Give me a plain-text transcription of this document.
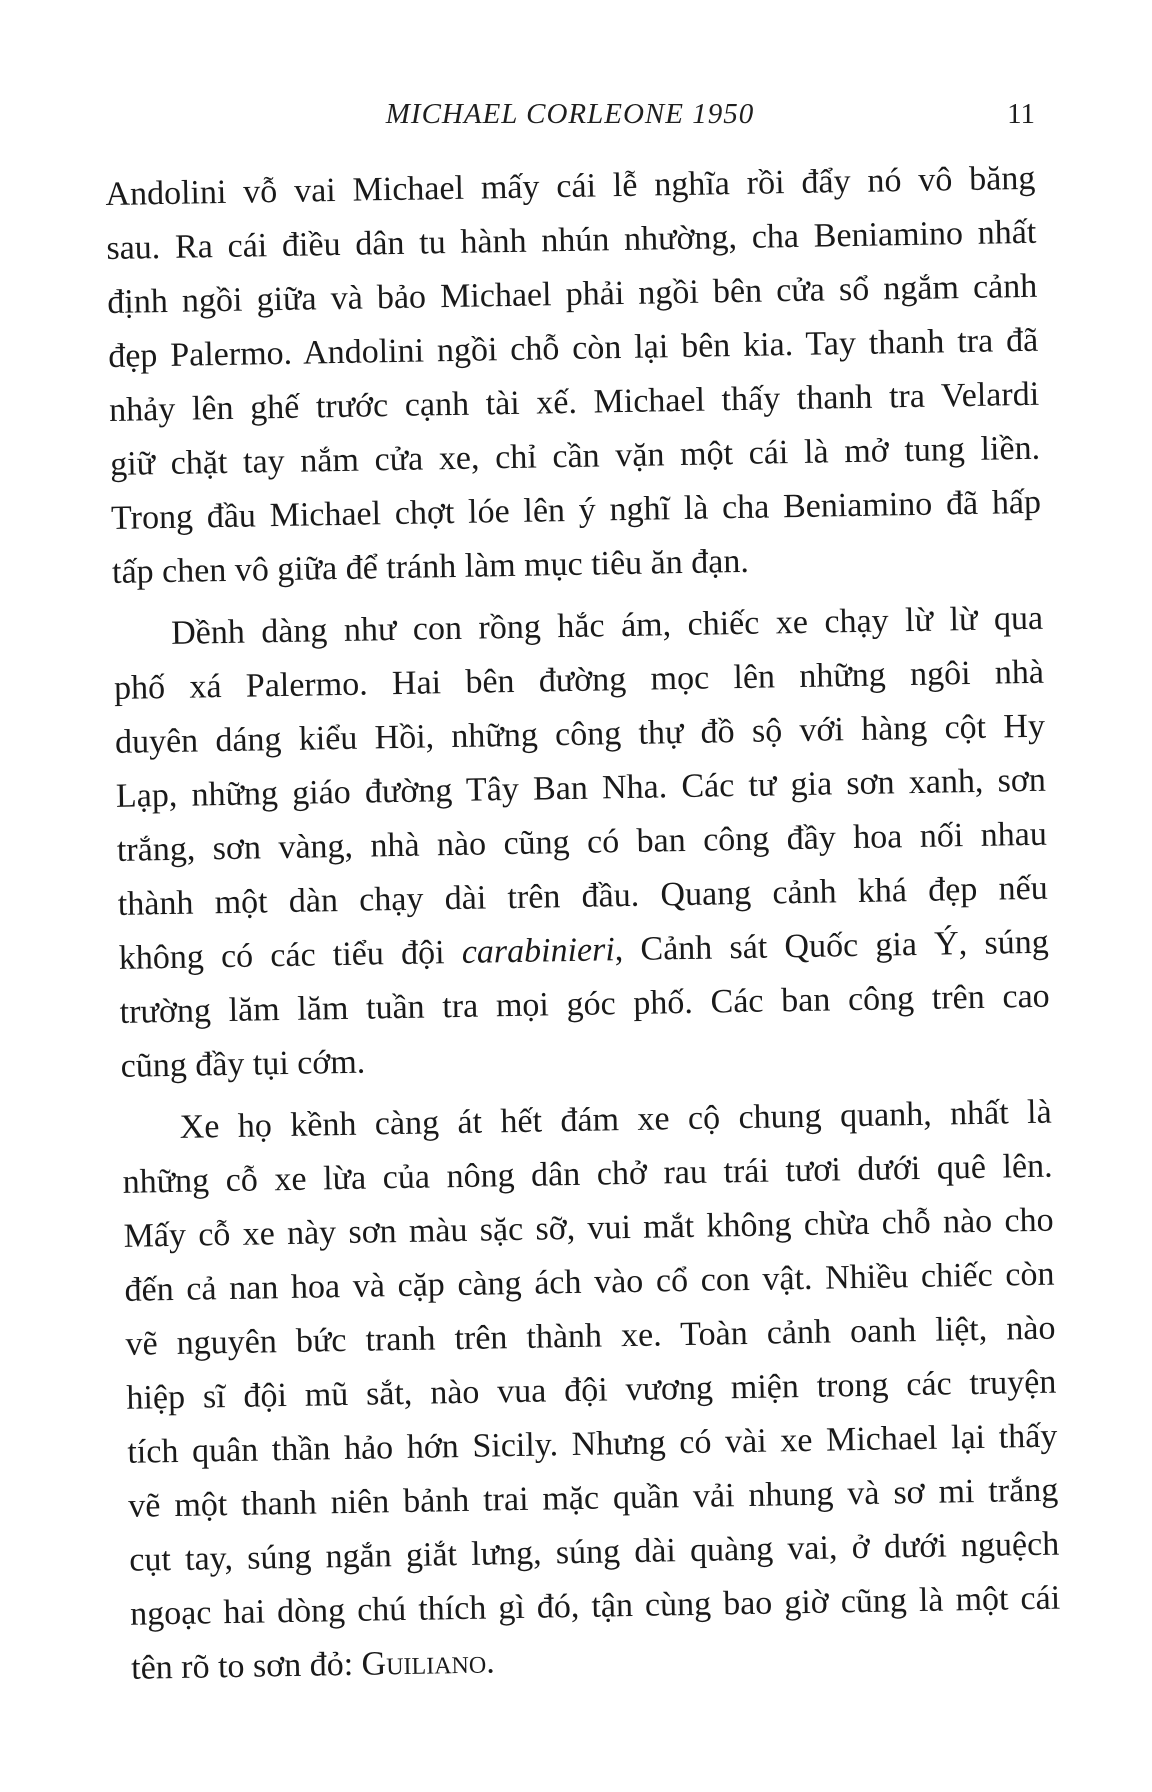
MICHAEL CORLEONE 1950	11
Andolini vỗ vai Michael mấy cái lễ nghĩa rồi đẩy nó vô băng
sau. Ra cái điều dân tu hành nhún nhường, cha Beniamino nhất
định ngồi giữa và bảo Michael phải ngồi bên cửa sổ ngắm cảnh
đẹp Palermo. Andolini ngồi chỗ còn lại bên kia. Tay thanh tra đã
nhảy lên ghế trước cạnh tài xế. Michael thấy thanh tra Velardi
giữ chặt tay nắm cửa xe, chỉ cần vặn một cái là mở tung liền.
Trong đầu Michael chợt lóe lên ý nghĩ là cha Beniamino đã hấp
tấp chen vô giữa để tránh làm mục tiêu ăn đạn.
Dềnh dàng như con rồng hắc ám, chiếc xe chạy lừ lừ qua
phố xá Palermo. Hai bên đường mọc lên những ngôi nhà
duyên dáng kiểu Hồi, những công thự đồ sộ với hàng cột Hy
Lạp, những giáo đường Tây Ban Nha. Các tư gia sơn xanh, sơn
trắng, sơn vàng, nhà nào cũng có ban công đầy hoa nối nhau
thành một dàn chạy dài trên đầu. Quang cảnh khá đẹp nếu
không có các tiểu đội carabinieri, Cảnh sát Quốc gia Ý, súng
trường lăm lăm tuần tra mọi góc phố. Các ban công trên cao
cũng đầy tụi cớm.
Xe họ kềnh càng át hết đám xe cộ chung quanh, nhất là
những cỗ xe lừa của nông dân chở rau trái tươi dưới quê lên.
Mấy cỗ xe này sơn màu sặc sỡ, vui mắt không chừa chỗ nào cho
đến cả nan hoa và cặp càng ách vào cổ con vật. Nhiều chiếc còn
vẽ nguyên bức tranh trên thành xe. Toàn cảnh oanh liệt, nào
hiệp sĩ đội mũ sắt, nào vua đội vương miện trong các truyện
tích quân thần hảo hớn Sicily. Nhưng có vài xe Michael lại thấy
vẽ một thanh niên bảnh trai mặc quần vải nhung và sơ mi trắng
cụt tay, súng ngắn giắt lưng, súng dài quàng vai, ở dưới nguệch
ngoạc hai dòng chú thích gì đó, tận cùng bao giờ cũng là một cái
tên rõ to sơn đỏ: Guiliano.
